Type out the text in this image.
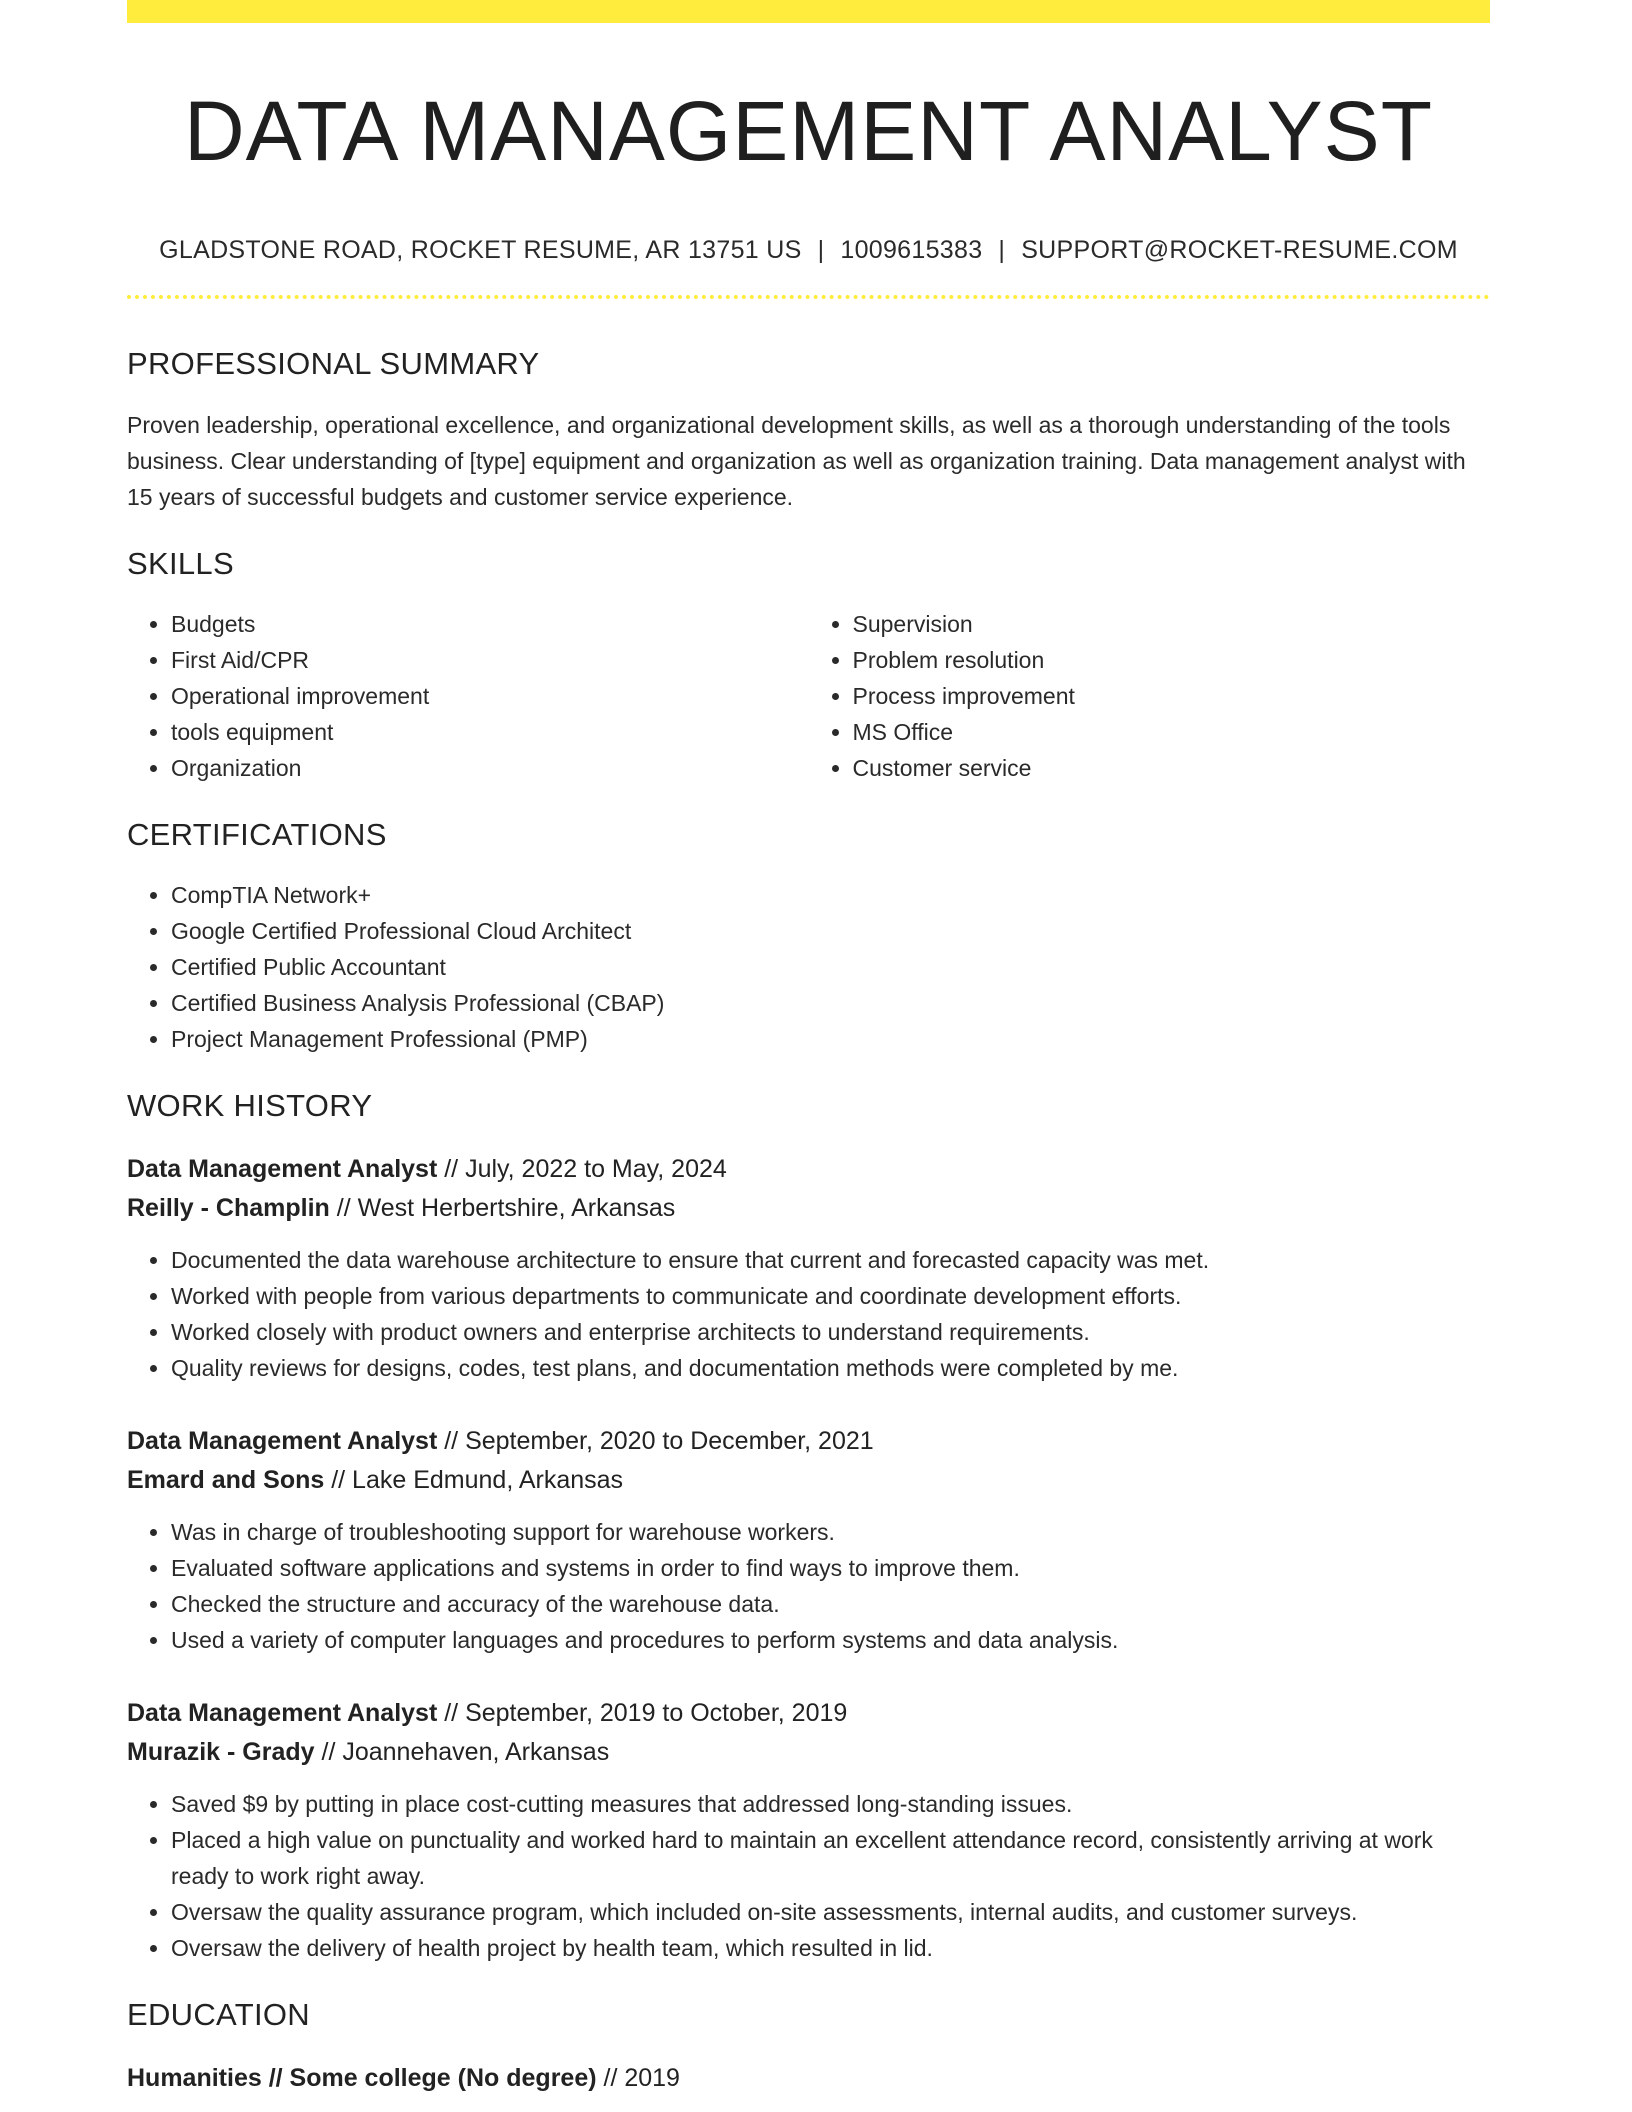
DATA MANAGEMENT ANALYST
GLADSTONE ROAD, ROCKET RESUME, AR 13751 US | 1009615383 | SUPPORT@ROCKET-RESUME.COM
PROFESSIONAL SUMMARY

Proven leadership, operational excellence, and organizational development skills, as well as a thorough understanding of the tools business. Clear understanding of [type] equipment and organization as well as organization training. Data management analyst with 15 years of successful budgets and customer service experience.

SKILLS
• Budgets
• First Aid/CPR
• Operational improvement
• tools equipment
• Organization
• Supervision
• Problem resolution
• Process improvement
• MS Office
• Customer service
CERTIFICATIONS
• CompTIA Network+
• Google Certified Professional Cloud Architect
• Certified Public Accountant
• Certified Business Analysis Professional (CBAP)
• Project Management Professional (PMP)
WORK HISTORY
Data Management Analyst // July, 2022 to May, 2024
Reilly - Champlin // West Herbertshire, Arkansas
• Documented the data warehouse architecture to ensure that current and forecasted capacity was met.
• Worked with people from various departments to communicate and coordinate development efforts.
• Worked closely with product owners and enterprise architects to understand requirements.
• Quality reviews for designs, codes, test plans, and documentation methods were completed by me.
Data Management Analyst // September, 2020 to December, 2021
Emard and Sons // Lake Edmund, Arkansas
• Was in charge of troubleshooting support for warehouse workers.
• Evaluated software applications and systems in order to find ways to improve them.
• Checked the structure and accuracy of the warehouse data.
• Used a variety of computer languages and procedures to perform systems and data analysis.
Data Management Analyst // September, 2019 to October, 2019
Murazik - Grady // Joannehaven, Arkansas
• Saved $9 by putting in place cost-cutting measures that addressed long-standing issues.
• Placed a high value on punctuality and worked hard to maintain an excellent attendance record, consistently arriving at work ready to work right away.
• Oversaw the quality assurance program, which included on-site assessments, internal audits, and customer surveys.
• Oversaw the delivery of health project by health team, which resulted in lid.
EDUCATION
Humanities // Some college (No degree) // 2019
